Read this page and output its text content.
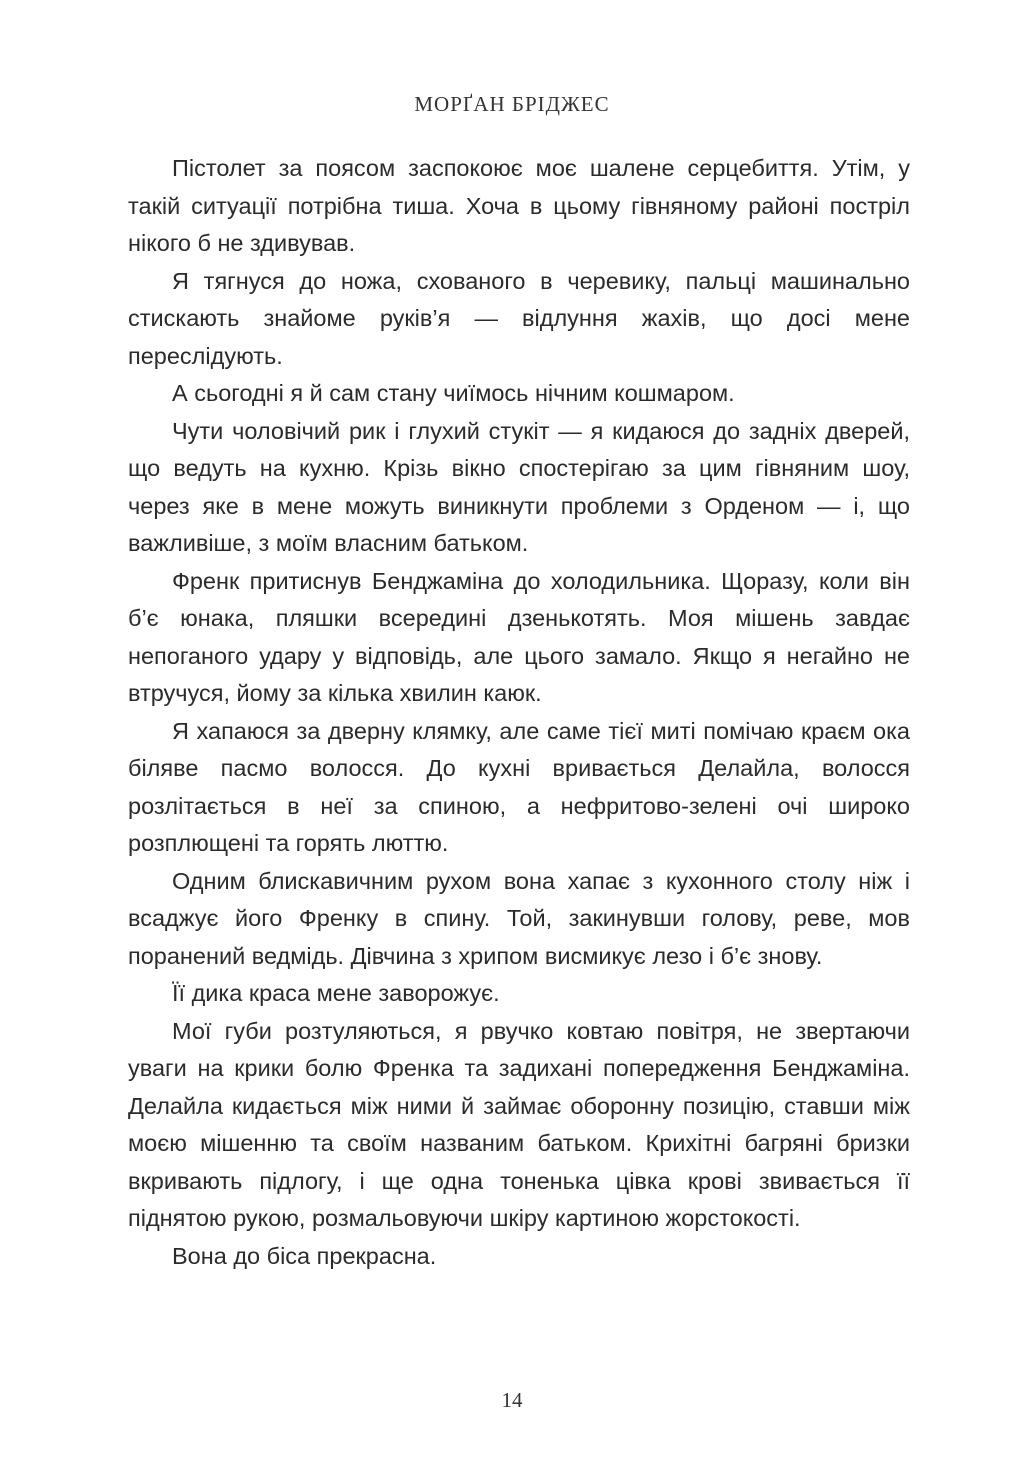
МОРҐАН БРІДЖЕС

Пістолет за поясом заспокоює моє шалене серцебиття. Утім, у такій ситуації потрібна тиша. Хоча в цьому гівняному районі постріл нікого б не здивував.

Я тягнуся до ножа, схованого в черевику, пальці машинально стискають знайоме руків’я — відлуння жахів, що досі мене переслідують.

А сьогодні я й сам стану чиїмось нічним кошмаром.

Чути чоловічий рик і глухий стукіт — я кидаюся до задніх дверей, що ведуть на кухню. Крізь вікно спостерігаю за цим гівняним шоу, через яке в мене можуть виникнути проблеми з Орденом — і, що важливіше, з моїм власним батьком.

Френк притиснув Бенджаміна до холодильника. Щоразу, коли він б’є юнака, пляшки всередині дзенькотять. Моя мішень завдає непоганого удару у відповідь, але цього замало. Якщо я негайно не втручуся, йому за кілька хвилин каюк.

Я хапаюся за дверну клямку, але саме тієї миті помічаю краєм ока біляве пасмо волосся. До кухні вривається Делайла, волосся розлітається в неї за спиною, а нефритово-зелені очі широко розплющені та горять люттю.

Одним блискавичним рухом вона хапає з кухонного столу ніж і всаджує його Френку в спину. Той, закинувши голову, реве, мов поранений ведмідь. Дівчина з хрипом висмикує лезо і б’є знову.

Її дика краса мене заворожує.

Мої губи розтуляються, я рвучко ковтаю повітря, не звертаючи уваги на крики болю Френка та задихані попередження Бенджаміна. Делайла кидається між ними й займає оборонну позицію, ставши між моєю мішенню та своїм названим батьком. Крихітні багряні бризки вкривають підлогу, і ще одна тоненька цівка крові звивається її піднятою рукою, розмальовуючи шкіру картиною жорстокості.

Вона до біса прекрасна.

14
